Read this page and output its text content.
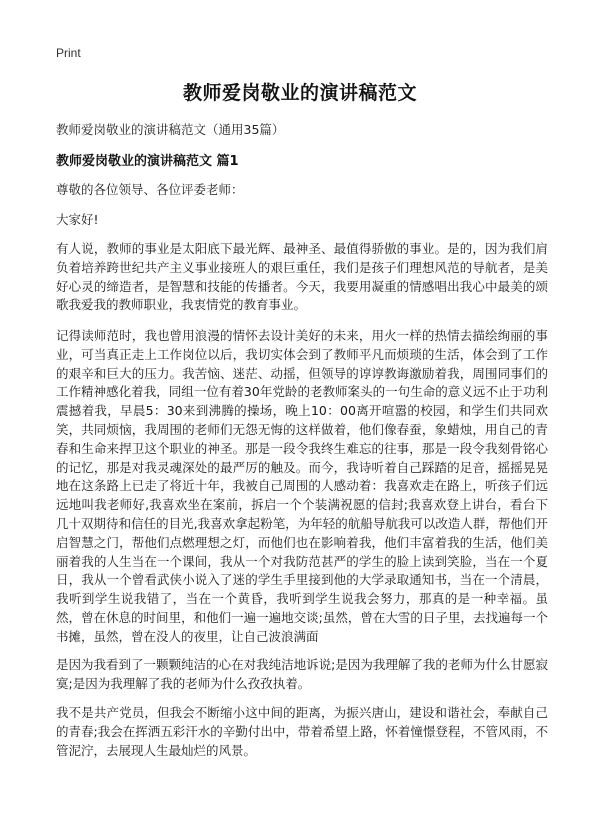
Print
教师爱岗敬业的演讲稿范文
教师爱岗敬业的演讲稿范文（通用35篇）
教师爱岗敬业的演讲稿范文 篇1
尊敬的各位领导、各位评委老师：
大家好!

有人说，教师的事业是太阳底下最光辉、最神圣、最值得骄傲的事业。是的，因为我们肩负着培养跨世纪共产主义事业接班人的艰巨重任，我们是孩子们理想风范的导航者，是美好心灵的缔造者，是智慧和技能的传播者。今天，我要用凝重的情感唱出我心中最美的颂歌我爱我的教师职业，我衷情党的教育事业。

记得读师范时，我也曾用浪漫的情怀去设计美好的未来，用火一样的热情去描绘绚丽的事业，可当真正走上工作岗位以后，我切实体会到了教师平凡而烦琐的生活，体会到了工作的艰辛和巨大的压力。我苦恼、迷茫、动摇，但领导的谆谆教诲激励着我，周围同事们的工作精神感化着我，同组一位有着30年党龄的老教师案头的一句生命的意义远不止于功利震撼着我，早晨5：30来到沸腾的操场，晚上10：00离开喧嚣的校园，和学生们共同欢笑，共同烦恼，我周围的老师们无怨无悔的这样做着，他们像春蚕，象蜡烛，用自己的青春和生命来捍卫这个职业的神圣。那是一段令我终生难忘的往事，那是一段令我刻骨铭心的记忆，那是对我灵魂深处的最严厉的触及。而今，我诗听着自己踩踏的足音，摇摇晃晃地在这条路上已走了将近十年，我被自己周围的人感动着：我喜欢走在路上，听孩子们远远地叫我老师好,我喜欢坐在案前，拆启一个个装满祝愿的信封;我喜欢登上讲台，看台下几十双期待和信任的目光,我喜欢拿起粉笔，为年轻的航船导航我可以改造人群，帮他们开启智慧之门，帮他们点燃理想之灯，而他们也在影响着我，他们丰富着我的生活，他们美丽着我的人生当在一个课间，我从一个对我防范甚严的学生的脸上读到笑脸，当在一个夏日，我从一个曾看武侠小说入了迷的学生手里接到他的大学录取通知书，当在一个清晨，我听到学生说我错了，当在一个黄昏，我听到学生说我会努力，那真的是一种幸福。虽然，曾在休息的时间里，和他们一遍一遍地交谈;虽然，曾在大雪的日子里，去找遍每一个书摊，虽然，曾在没人的夜里，让自己波浪满面

是因为我看到了一颗颗纯洁的心在对我纯洁地诉说;是因为我理解了我的老师为什么甘愿寂寞;是因为我理解了我的老师为什么孜孜执着。

我不是共产党员，但我会不断缩小这中间的距离，为振兴唐山，建设和谐社会，奉献自己的青春;我会在挥洒五彩汗水的辛勤付出中，带着希望上路，怀着憧憬登程，不管风雨，不管泥泞，去展现人生最灿烂的风景。
